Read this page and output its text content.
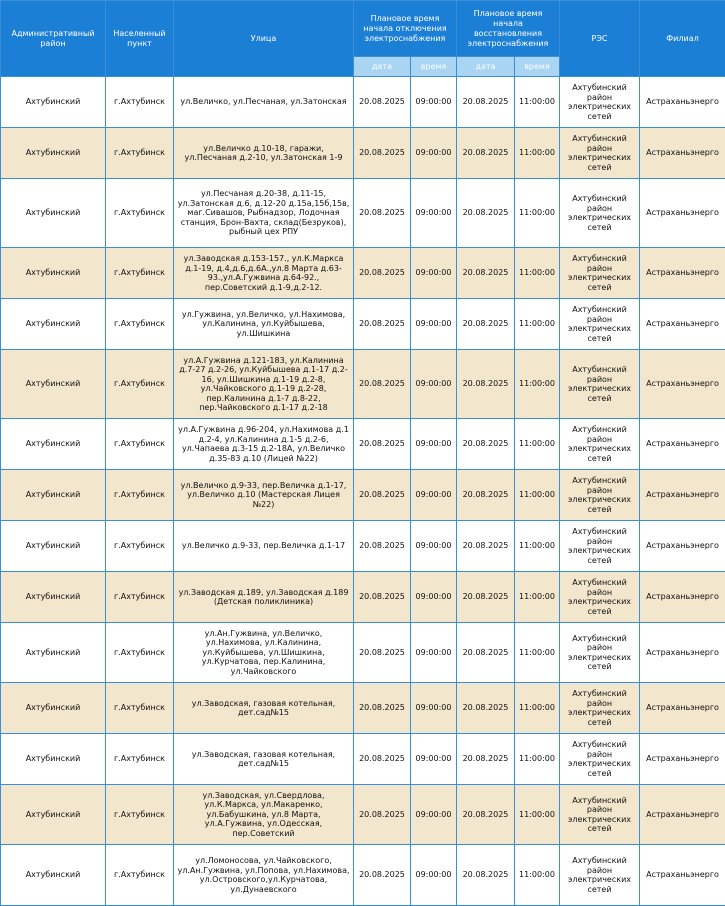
Административный район	Населенный пункт	Улица	Плановое время начала отключения электроснабжения		Плановое время начала восстановления электроснабжения		РЭС	Филиал
			дата	время	дата	время		
Ахтубинский	г.Ахтубинск	ул.Величко, ул.Песчаная, ул.Затонская	20.08.2025	09:00:00	20.08.2025	11:00:00	Ахтубинский район электрических сетей	Астраханьэнерго
Ахтубинский	г.Ахтубинск	ул.Величко д.10-18, гаражи, ул.Песчаная д.2-10, ул.Затонская 1-9	20.08.2025	09:00:00	20.08.2025	11:00:00	Ахтубинский район электрических сетей	Астраханьэнерго
Ахтубинский	г.Ахтубинск	ул.Песчаная д.20-38, д.11-15, ул.Затонская д.6, д.12-20 д.15а,15б,15в, маг.Сивашов, Рыбнадзор, Лодочная станция, Брон-Вахта, склад(Безруков), рыбный цех РПУ	20.08.2025	09:00:00	20.08.2025	11:00:00	Ахтубинский район электрических сетей	Астраханьэнерго
Ахтубинский	г.Ахтубинск	ул.Заводская д.153-157., ул.К.Маркса д.1-19, д.4,д.6,д.6А.,ул.8 Марта д.63-93.,ул.А.Гужвина д.64-92., пер.Советский д.1-9,д.2-12.	20.08.2025	09:00:00	20.08.2025	11:00:00	Ахтубинский район электрических сетей	Астраханьэнерго
Ахтубинский	г.Ахтубинск	ул.Гужвина, ул.Величко, ул.Нахимова, ул.Калинина, ул.Куйбышева, ул.Шишкина	20.08.2025	09:00:00	20.08.2025	11:00:00	Ахтубинский район электрических сетей	Астраханьэнерго
Ахтубинский	г.Ахтубинск	ул.А.Гужвина д.121-183, ул.Калинина д.7-27 д.2-26, ул.Куйбышева д.1-17 д.2-16, ул.Шишкина д.1-19 д.2-8, ул.Чайковского д.1-19 д.2-28, пер.Калинина д.1-7 д.8-22, пер.Чайковского д.1-17 д.2-18	20.08.2025	09:00:00	20.08.2025	11:00:00	Ахтубинский район электрических сетей	Астраханьэнерго
Ахтубинский	г.Ахтубинск	ул.А.Гужвина д.96-204, ул.Нахимова д.1 д.2-4, ул.Калинина д.1-5 д.2-6, ул.Чапаева д.3-15 д.2-18А, ул.Величко д.35-83 д.10 (Лицей №22)	20.08.2025	09:00:00	20.08.2025	11:00:00	Ахтубинский район электрических сетей	Астраханьэнерго
Ахтубинский	г.Ахтубинск	ул.Величко д.9-33, пер.Величка д.1-17, ул.Величко д.10 (Мастерская Лицея №22)	20.08.2025	09:00:00	20.08.2025	11:00:00	Ахтубинский район электрических сетей	Астраханьэнерго
Ахтубинский	г.Ахтубинск	ул.Величко д.9-33, пер.Величка д.1-17	20.08.2025	09:00:00	20.08.2025	11:00:00	Ахтубинский район электрических сетей	Астраханьэнерго
Ахтубинский	г.Ахтубинск	ул.Заводская д.189, ул.Заводская д.189 (Детская поликлиника)	20.08.2025	09:00:00	20.08.2025	11:00:00	Ахтубинский район электрических сетей	Астраханьэнерго
Ахтубинский	г.Ахтубинск	ул.Ан.Гужвина, ул.Величко, ул.Нахимова, ул.Калинина, ул.Куйбышева, ул.Шишкина, ул.Курчатова, пер.Калинина, ул.Чайковского	20.08.2025	09:00:00	20.08.2025	11:00:00	Ахтубинский район электрических сетей	Астраханьэнерго
Ахтубинский	г.Ахтубинск	ул.Заводская, газовая котельная, дет.сад№15	20.08.2025	09:00:00	20.08.2025	11:00:00	Ахтубинский район электрических сетей	Астраханьэнерго
Ахтубинский	г.Ахтубинск	ул.Заводская, газовая котельная, дет.сад№15	20.08.2025	09:00:00	20.08.2025	11:00:00	Ахтубинский район электрических сетей	Астраханьэнерго
Ахтубинский	г.Ахтубинск	ул.Заводская, ул.Свердлова, ул.К.Маркса, ул.Макаренко, ул.Бабушкина, ул.8 Марта, ул.А.Гужвина, ул.Одесская, пер.Советский	20.08.2025	09:00:00	20.08.2025	11:00:00	Ахтубинский район электрических сетей	Астраханьэнерго
Ахтубинский	г.Ахтубинск	ул.Ломоносова, ул.Чайковского, ул.Ан.Гужвина, ул.Попова, ул.Нахимова, ул.Островского,ул.Курчатова, ул.Дунаевского	20.08.2025	09:00:00	20.08.2025	11:00:00	Ахтубинский район электрических сетей	Астраханьэнерго
